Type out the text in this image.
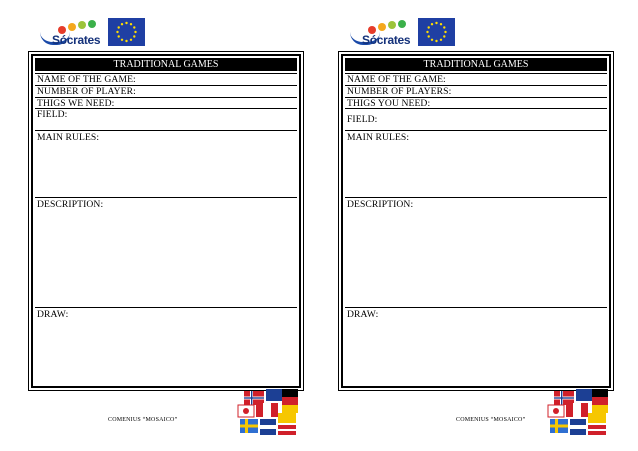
Sócrates
TRADITIONAL GAMES
NAME OF THE GAME:
NUMBER OF PLAYER:
THIGS WE NEED:
FIELD:
MAIN RULES:
DESCRIPTION:
DRAW:
COMENIUS “MOSAICO”
Sócrates
TRADITIONAL GAMES
NAME OF THE GAME:
NUMBER OF PLAYERS:
THIGS YOU NEED:
FIELD:
MAIN RULES:
DESCRIPTION:
DRAW:
COMENIUS “MOSAICO”
